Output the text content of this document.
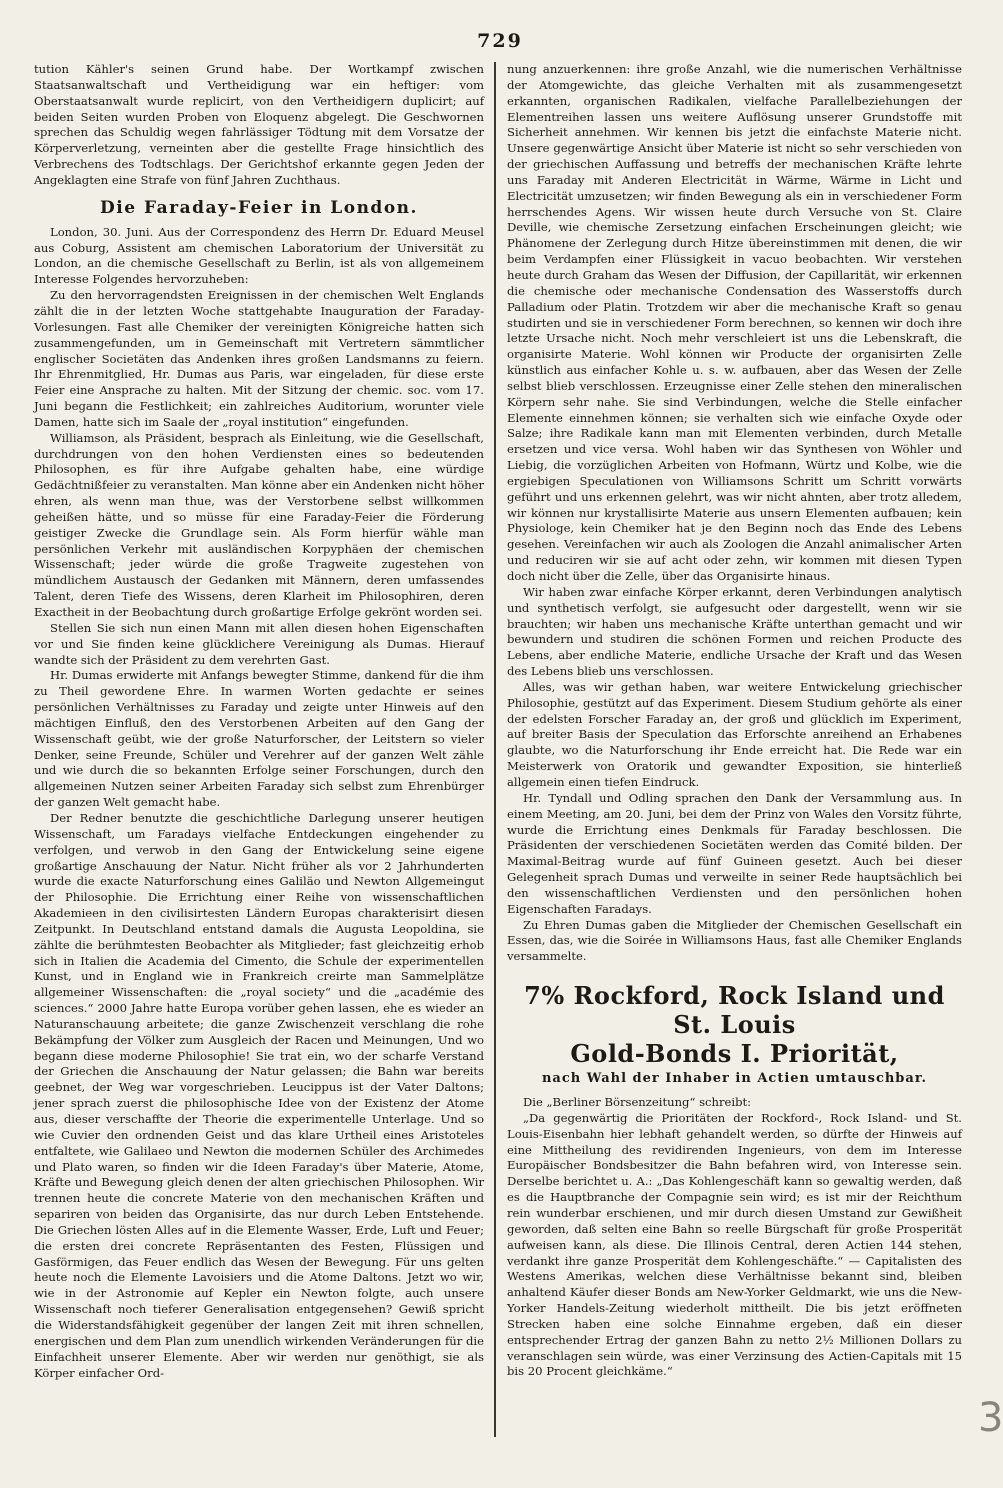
729

tution Kähler's seinen Grund habe. Der Wortkampf zwischen Staatsanwaltschaft und Vertheidigung war ein heftiger: vom Oberstaatsanwalt wurde replicirt, von den Vertheidigern duplicirt; auf beiden Seiten wurden Proben von Eloquenz abgelegt. Die Geschwornen sprechen das Schuldig wegen fahrlässiger Tödtung mit dem Vorsatze der Körperverletzung, verneinten aber die gestellte Frage hinsichtlich des Verbrechens des Todtschlags. Der Gerichtshof erkannte gegen Jeden der Angeklagten eine Strafe von fünf Jahren Zuchthaus.

Die Faraday-Feier in London.

London, 30. Juni. Aus der Correspondenz des Herrn Dr. Eduard Meusel aus Coburg, Assistent am chemischen Laboratorium der Universität zu London, an die chemische Gesellschaft zu Berlin, ist als von allgemeinem Interesse Folgendes hervorzuheben:

Zu den hervorragendsten Ereignissen in der chemischen Welt Englands zählt die in der letzten Woche stattgehabte Inauguration der Faraday-Vorlesungen. Fast alle Chemiker der vereinigten Königreiche hatten sich zusammengefunden, um in Gemeinschaft mit Vertretern sämmtlicher englischer Societäten das Andenken ihres großen Landsmanns zu feiern. Ihr Ehrenmitglied, Hr. Dumas aus Paris, war eingeladen, für diese erste Feier eine Ansprache zu halten. Mit der Sitzung der chemic. soc. vom 17. Juni begann die Festlichkeit; ein zahlreiches Auditorium, worunter viele Damen, hatte sich im Saale der „royal institution“ eingefunden.

Williamson, als Präsident, besprach als Einleitung, wie die Gesellschaft, durchdrungen von den hohen Verdiensten eines so bedeutenden Philosophen, es für ihre Aufgabe gehalten habe, eine würdige Gedächtnißfeier zu veranstalten. Man könne aber ein Andenken nicht höher ehren, als wenn man thue, was der Verstorbene selbst willkommen geheißen hätte, und so müsse für eine Faraday-Feier die Förderung geistiger Zwecke die Grundlage sein. Als Form hierfür wähle man persönlichen Verkehr mit ausländischen Korpyphäen der chemischen Wissenschaft; jeder würde die große Tragweite zugestehen von mündlichem Austausch der Gedanken mit Männern, deren umfassendes Talent, deren Tiefe des Wissens, deren Klarheit im Philosophiren, deren Exactheit in der Beobachtung durch großartige Erfolge gekrönt worden sei.

Stellen Sie sich nun einen Mann mit allen diesen hohen Eigenschaften vor und Sie finden keine glücklichere Vereinigung als Dumas. Hierauf wandte sich der Präsident zu dem verehrten Gast.

Hr. Dumas erwiderte mit Anfangs bewegter Stimme, dankend für die ihm zu Theil gewordene Ehre. In warmen Worten gedachte er seines persönlichen Verhältnisses zu Faraday und zeigte unter Hinweis auf den mächtigen Einfluß, den des Verstorbenen Arbeiten auf den Gang der Wissenschaft geübt, wie der große Naturforscher, der Leitstern so vieler Denker, seine Freunde, Schüler und Verehrer auf der ganzen Welt zähle und wie durch die so bekannten Erfolge seiner Forschungen, durch den allgemeinen Nutzen seiner Arbeiten Faraday sich selbst zum Ehrenbürger der ganzen Welt gemacht habe.

Der Redner benutzte die geschichtliche Darlegung unserer heutigen Wissenschaft, um Faradays vielfache Entdeckungen eingehender zu verfolgen, und verwob in den Gang der Entwickelung seine eigene großartige Anschauung der Natur. Nicht früher als vor 2 Jahrhunderten wurde die exacte Naturforschung eines Galiläo und Newton Allgemeingut der Philosophie. Die Errichtung einer Reihe von wissenschaftlichen Akademieen in den civilisirtesten Ländern Europas charakterisirt diesen Zeitpunkt. In Deutschland entstand damals die Augusta Leopoldina, sie zählte die berühmtesten Beobachter als Mitglieder; fast gleichzeitig erhob sich in Italien die Academia del Cimento, die Schule der experimentellen Kunst, und in England wie in Frankreich creirte man Sammelplätze allgemeiner Wissenschaften: die „royal society“ und die „académie des sciences.“ 2000 Jahre hatte Europa vorüber gehen lassen, ehe es wieder an Naturanschauung arbeitete; die ganze Zwischenzeit verschlang die rohe Bekämpfung der Völker zum Ausgleich der Racen und Meinungen, Und wo begann diese moderne Philosophie! Sie trat ein, wo der scharfe Verstand der Griechen die Anschauung der Natur gelassen; die Bahn war bereits geebnet, der Weg war vorgeschrieben. Leucippus ist der Vater Daltons; jener sprach zuerst die philosophische Idee von der Existenz der Atome aus, dieser verschaffte der Theorie die experimentelle Unterlage. Und so wie Cuvier den ordnenden Geist und das klare Urtheil eines Aristoteles entfaltete, wie Galilaeo und Newton die modernen Schüler des Archimedes und Plato waren, so finden wir die Ideen Faraday's über Materie, Atome, Kräfte und Bewegung gleich denen der alten griechischen Philosophen. Wir trennen heute die concrete Materie von den mechanischen Kräften und separiren von beiden das Organisirte, das nur durch Leben Entstehende. Die Griechen lösten Alles auf in die Elemente Wasser, Erde, Luft und Feuer; die ersten drei concrete Repräsentanten des Festen, Flüssigen und Gasförmigen, das Feuer endlich das Wesen der Bewegung. Für uns gelten heute noch die Elemente Lavoisiers und die Atome Daltons. Jetzt wo wir, wie in der Astronomie auf Kepler ein Newton folgte, auch unsere Wissenschaft noch tieferer Generalisation entgegensehen? Gewiß spricht die Widerstandsfähigkeit gegenüber der langen Zeit mit ihren schnellen, energischen und dem Plan zum unendlich wirkenden Veränderungen für die Einfachheit unserer Elemente. Aber wir werden nur genöthigt, sie als Körper einfacher Ord-

nung anzuerkennen: ihre große Anzahl, wie die numerischen Verhältnisse der Atomgewichte, das gleiche Verhalten mit als zusammengesetzt erkannten, organischen Radikalen, vielfache Parallelbeziehungen der Elementreihen lassen uns weitere Auflösung unserer Grundstoffe mit Sicherheit annehmen. Wir kennen bis jetzt die einfachste Materie nicht. Unsere gegenwärtige Ansicht über Materie ist nicht so sehr verschieden von der griechischen Auffassung und betreffs der mechanischen Kräfte lehrte uns Faraday mit Anderen Electricität in Wärme, Wärme in Licht und Electricität umzusetzen; wir finden Bewegung als ein in verschiedener Form herrschendes Agens. Wir wissen heute durch Versuche von St. Claire Deville, wie chemische Zersetzung einfachen Erscheinungen gleicht; wie Phänomene der Zerlegung durch Hitze übereinstimmen mit denen, die wir beim Verdampfen einer Flüssigkeit in vacuo beobachten. Wir verstehen heute durch Graham das Wesen der Diffusion, der Capillarität, wir erkennen die chemische oder mechanische Condensation des Wasserstoffs durch Palladium oder Platin. Trotzdem wir aber die mechanische Kraft so genau studirten und sie in verschiedener Form berechnen, so kennen wir doch ihre letzte Ursache nicht. Noch mehr verschleiert ist uns die Lebenskraft, die organisirte Materie. Wohl können wir Producte der organisirten Zelle künstlich aus einfacher Kohle u. s. w. aufbauen, aber das Wesen der Zelle selbst blieb verschlossen. Erzeugnisse einer Zelle stehen den mineralischen Körpern sehr nahe. Sie sind Verbindungen, welche die Stelle einfacher Elemente einnehmen können; sie verhalten sich wie einfache Oxyde oder Salze; ihre Radikale kann man mit Elementen verbinden, durch Metalle ersetzen und vice versa. Wohl haben wir das Synthesen von Wöhler und Liebig, die vorzüglichen Arbeiten von Hofmann, Würtz und Kolbe, wie die ergiebigen Speculationen von Williamsons Schritt um Schritt vorwärts geführt und uns erkennen gelehrt, was wir nicht ahnten, aber trotz alledem, wir können nur krystallisirte Materie aus unsern Elementen aufbauen; kein Physiologe, kein Chemiker hat je den Beginn noch das Ende des Lebens gesehen. Vereinfachen wir auch als Zoologen die Anzahl animalischer Arten und reduciren wir sie auf acht oder zehn, wir kommen mit diesen Typen doch nicht über die Zelle, über das Organisirte hinaus.

Wir haben zwar einfache Körper erkannt, deren Verbindungen analytisch und synthetisch verfolgt, sie aufgesucht oder dargestellt, wenn wir sie brauchten; wir haben uns mechanische Kräfte unterthan gemacht und wir bewundern und studiren die schönen Formen und reichen Producte des Lebens, aber endliche Materie, endliche Ursache der Kraft und das Wesen des Lebens blieb uns verschlossen.

Alles, was wir gethan haben, war weitere Entwickelung griechischer Philosophie, gestützt auf das Experiment. Diesem Studium gehörte als einer der edelsten Forscher Faraday an, der groß und glücklich im Experiment, auf breiter Basis der Speculation das Erforschte anreihend an Erhabenes glaubte, wo die Naturforschung ihr Ende erreicht hat. Die Rede war ein Meisterwerk von Oratorik und gewandter Exposition, sie hinterließ allgemein einen tiefen Eindruck.

Hr. Tyndall und Odling sprachen den Dank der Versammlung aus. In einem Meeting, am 20. Juni, bei dem der Prinz von Wales den Vorsitz führte, wurde die Errichtung eines Denkmals für Faraday beschlossen. Die Präsidenten der verschiedenen Societäten werden das Comité bilden. Der Maximal-Beitrag wurde auf fünf Guineen gesetzt. Auch bei dieser Gelegenheit sprach Dumas und verweilte in seiner Rede hauptsächlich bei den wissenschaftlichen Verdiensten und den persönlichen hohen Eigenschaften Faradays.

Zu Ehren Dumas gaben die Mitglieder der Chemischen Gesellschaft ein Essen, das, wie die Soirée in Williamsons Haus, fast alle Chemiker Englands versammelte.

7% Rockford, Rock Island und St. Louis
Gold-Bonds I. Priorität,
nach Wahl der Inhaber in Actien umtauschbar.

Die „Berliner Börsenzeitung“ schreibt:

„Da gegenwärtig die Prioritäten der Rockford-, Rock Island- und St. Louis-Eisenbahn hier lebhaft gehandelt werden, so dürfte der Hinweis auf eine Mittheilung des revidirenden Ingenieurs, von dem im Interesse Europäischer Bondsbesitzer die Bahn befahren wird, von Interesse sein. Derselbe berichtet u. A.: „Das Kohlengeschäft kann so gewaltig werden, daß es die Hauptbranche der Compagnie sein wird; es ist mir der Reichthum rein wunderbar erschienen, und mir durch diesen Umstand zur Gewißheit geworden, daß selten eine Bahn so reelle Bürgschaft für große Prosperität aufweisen kann, als diese. Die Illinois Central, deren Actien 144 stehen, verdankt ihre ganze Prosperität dem Kohlengeschäfte.“ — Capitalisten des Westens Amerikas, welchen diese Verhältnisse bekannt sind, bleiben anhaltend Käufer dieser Bonds am New-Yorker Geldmarkt, wie uns die New-Yorker Handels-Zeitung wiederholt mittheilt. Die bis jetzt eröffneten Strecken haben eine solche Einnahme ergeben, daß ein dieser entsprechender Ertrag der ganzen Bahn zu netto 2½ Millionen Dollars zu veranschlagen sein würde, was einer Verzinsung des Actien-Capitals mit 15 bis 20 Procent gleichkäme.“

3
